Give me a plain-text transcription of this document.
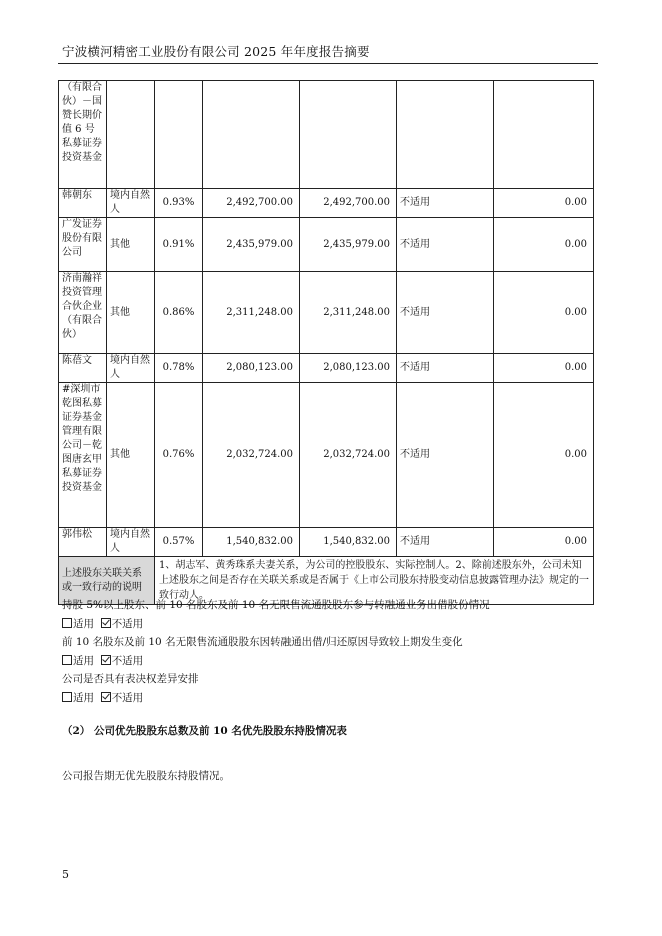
宁波横河精密工业股份有限公司 2025 年年度报告摘要
（有限合伙）－国赞长期价值 6 号私募证券投资基金						
韩朝东	境内自然人	0.93%	2,492,700.00	2,492,700.00	不适用	0.00
广发证券股份有限公司	其他	0.91%	2,435,979.00	2,435,979.00	不适用	0.00
济南瀚祥投资管理合伙企业（有限合伙）	其他	0.86%	2,311,248.00	2,311,248.00	不适用	0.00
陈蓓文	境内自然人	0.78%	2,080,123.00	2,080,123.00	不适用	0.00
#深圳市乾图私募证券基金管理有限公司－乾图唐玄甲私募证券投资基金	其他	0.76%	2,032,724.00	2,032,724.00	不适用	0.00
郭伟松	境内自然人	0.57%	1,540,832.00	1,540,832.00	不适用	0.00
上述股东关联关系或一致行动的说明		1、胡志军、黄秀珠系夫妻关系，为公司的控股股东、实际控制人。2、除前述股东外，公司未知上述股东之间是否存在关联关系或是否属于《上市公司股东持股变动信息披露管理办法》规定的一致行动人。				
持股 5%以上股东、前 10 名股东及前 10 名无限售流通股股东参与转融通业务出借股份情况
适用 不适用
前 10 名股东及前 10 名无限售流通股股东因转融通出借/归还原因导致较上期发生变化
适用 不适用
公司是否具有表决权差异安排
适用 不适用
（2） 公司优先股股东总数及前 10 名优先股股东持股情况表
公司报告期无优先股股东持股情况。
5
